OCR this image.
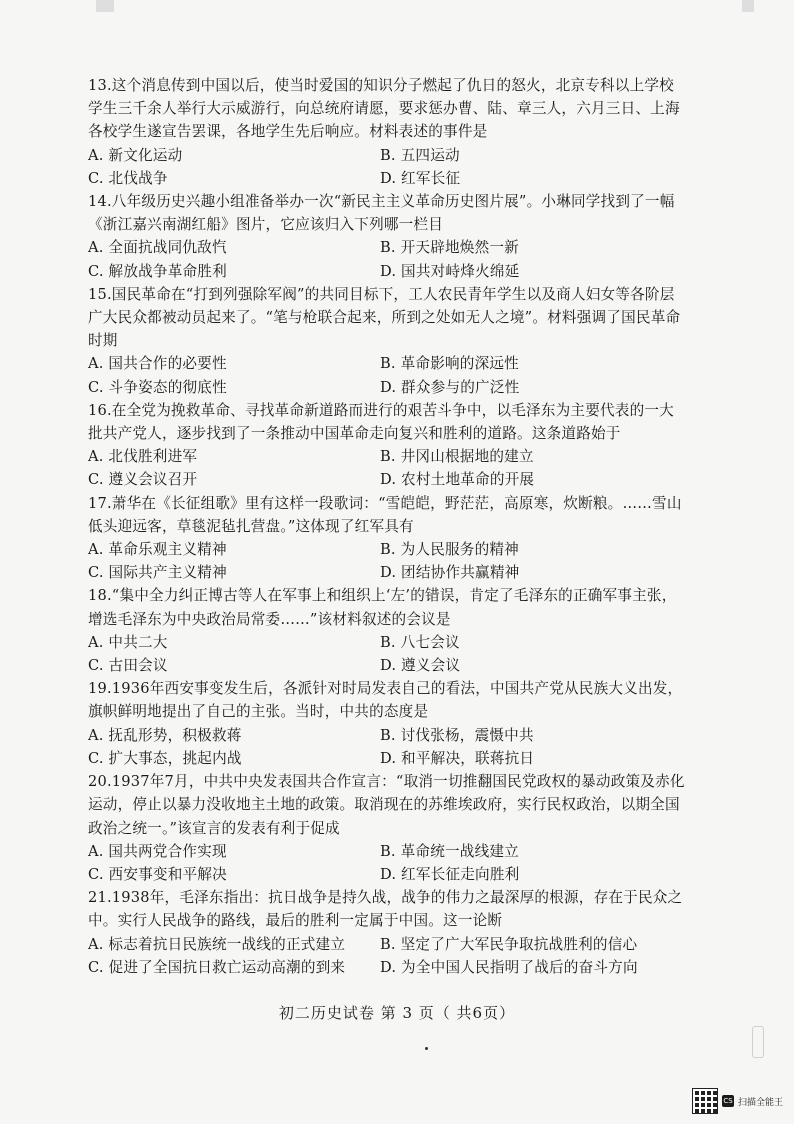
13.这个消息传到中国以后，使当时爱国的知识分子燃起了仇日的怒火，北京专科以上学校学生三千余人举行大示威游行，向总统府请愿，要求惩办曹、陆、章三人，六月三日、上海各校学生遂宣告罢课，各地学生先后响应。材料表述的事件是
A. 新文化运动	B. 五四运动
C. 北伐战争	D. 红军长征
14.八年级历史兴趣小组准备举办一次“新民主主义革命历史图片展”。小琳同学找到了一幅《浙江嘉兴南湖红船》图片，它应该归入下列哪一栏目
A. 全面抗战同仇敌忾	B. 开天辟地焕然一新
C. 解放战争革命胜利	D. 国共对峙烽火绵延
15.国民革命在“打到列强除军阀”的共同目标下，工人农民青年学生以及商人妇女等各阶层广大民众都被动员起来了。“笔与枪联合起来，所到之处如无人之境”。材料强调了国民革命时期
A. 国共合作的必要性	B. 革命影响的深远性
C. 斗争姿态的彻底性	D. 群众参与的广泛性
16.在全党为挽救革命、寻找革命新道路而进行的艰苦斗争中，以毛泽东为主要代表的一大批共产党人，逐步找到了一条推动中国革命走向复兴和胜利的道路。这条道路始于
A. 北伐胜利进军	B. 井冈山根据地的建立
C. 遵义会议召开	D. 农村土地革命的开展
17.萧华在《长征组歌》里有这样一段歌词：“雪皑皑，野茫茫，高原寒，炊断粮。……雪山低头迎远客，草毯泥毡扎营盘。”这体现了红军具有
A. 革命乐观主义精神	B. 为人民服务的精神
C. 国际共产主义精神	D. 团结协作共赢精神
18.“集中全力纠正博古等人在军事上和组织上‘左’的错误，肯定了毛泽东的正确军事主张，增选毛泽东为中央政治局常委……”该材料叙述的会议是
A. 中共二大	B. 八七会议
C. 古田会议	D. 遵义会议
19.1936年西安事变发生后，各派针对时局发表自己的看法，中国共产党从民族大义出发，旗帜鲜明地提出了自己的主张。当时，中共的态度是
A. 抚乱形势，积极救蒋	B. 讨伐张杨，震慑中共
C. 扩大事态，挑起内战	D. 和平解决，联蒋抗日
20.1937年7月，中共中央发表国共合作宣言：“取消一切推翻国民党政权的暴动政策及赤化运动，停止以暴力没收地主土地的政策。取消现在的苏维埃政府，实行民权政治，以期全国政治之统一。”该宣言的发表有利于促成
A. 国共两党合作实现	B. 革命统一战线建立
C. 西安事变和平解决	D. 红军长征走向胜利
21.1938年，毛泽东指出：抗日战争是持久战，战争的伟力之最深厚的根源，存在于民众之中。实行人民战争的路线，最后的胜利一定属于中国。这一论断
A. 标志着抗日民族统一战线的正式建立	B. 坚定了广大军民争取抗战胜利的信心
C. 促进了全国抗日救亡运动高潮的到来	D. 为全中国人民指明了战后的奋斗方向
初二历史试卷 第 3 页（ 共6页）
CS 扫描全能王
